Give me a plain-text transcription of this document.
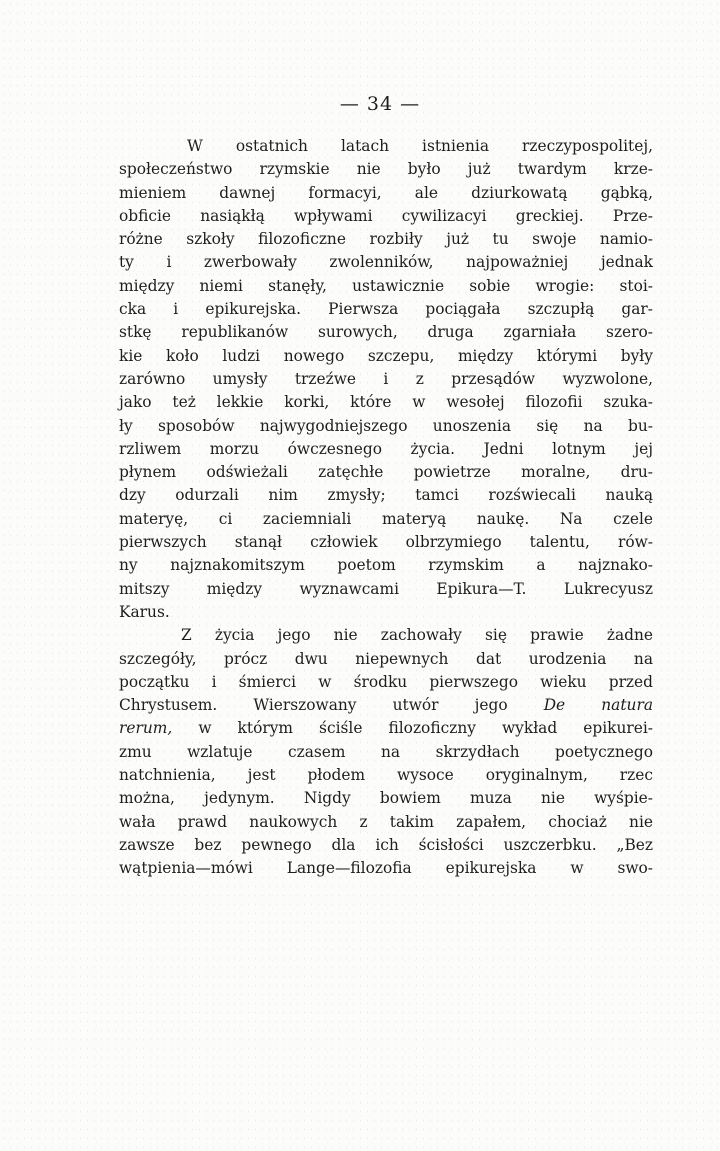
— 34 —
W ostatnich latach istnienia rzeczypospolitej,
społeczeństwo rzymskie nie było już twardym krze-
mieniem dawnej formacyi, ale dziurkowatą gąbką,
obficie nasiąkłą wpływami cywilizacyi greckiej. Prze-
różne szkoły filozoficzne rozbiły już tu swoje namio-
ty i zwerbowały zwolenników, najpoważniej jednak
między niemi stanęły, ustawicznie sobie wrogie: stoi-
cka i epikurejska. Pierwsza pociągała szczupłą gar-
stkę republikanów surowych, druga zgarniała szero-
kie koło ludzi nowego szczepu, między którymi były
zarówno umysły trzeźwe i z przesądów wyzwolone,
jako też lekkie korki, które w wesołej filozofii szuka-
ły sposobów najwygodniejszego unoszenia się na bu-
rzliwem morzu ówczesnego życia. Jedni lotnym jej
płynem odświeżali zatęchłe powietrze moralne, dru-
dzy odurzali nim zmysły; tamci rozświecali nauką
materyę, ci zaciemniali materyą naukę. Na czele
pierwszych stanął człowiek olbrzymiego talentu, rów-
ny najznakomitszym poetom rzymskim a najznako-
mitszy między wyznawcami Epikura—T. Lukrecyusz
Karus.
Z życia jego nie zachowały się prawie żadne
szczegóły, prócz dwu niepewnych dat urodzenia na
początku i śmierci w środku pierwszego wieku przed
Chrystusem. Wierszowany utwór jego De natura
rerum, w którym ściśle filozoficzny wykład epikurei-
zmu wzlatuje czasem na skrzydłach poetycznego
natchnienia, jest płodem wysoce oryginalnym, rzec
można, jedynym. Nigdy bowiem muza nie wyśpie-
wała prawd naukowych z takim zapałem, chociaż nie
zawsze bez pewnego dla ich ścisłości uszczerbku. „Bez
wątpienia—mówi Lange—filozofia epikurejska w swo-
